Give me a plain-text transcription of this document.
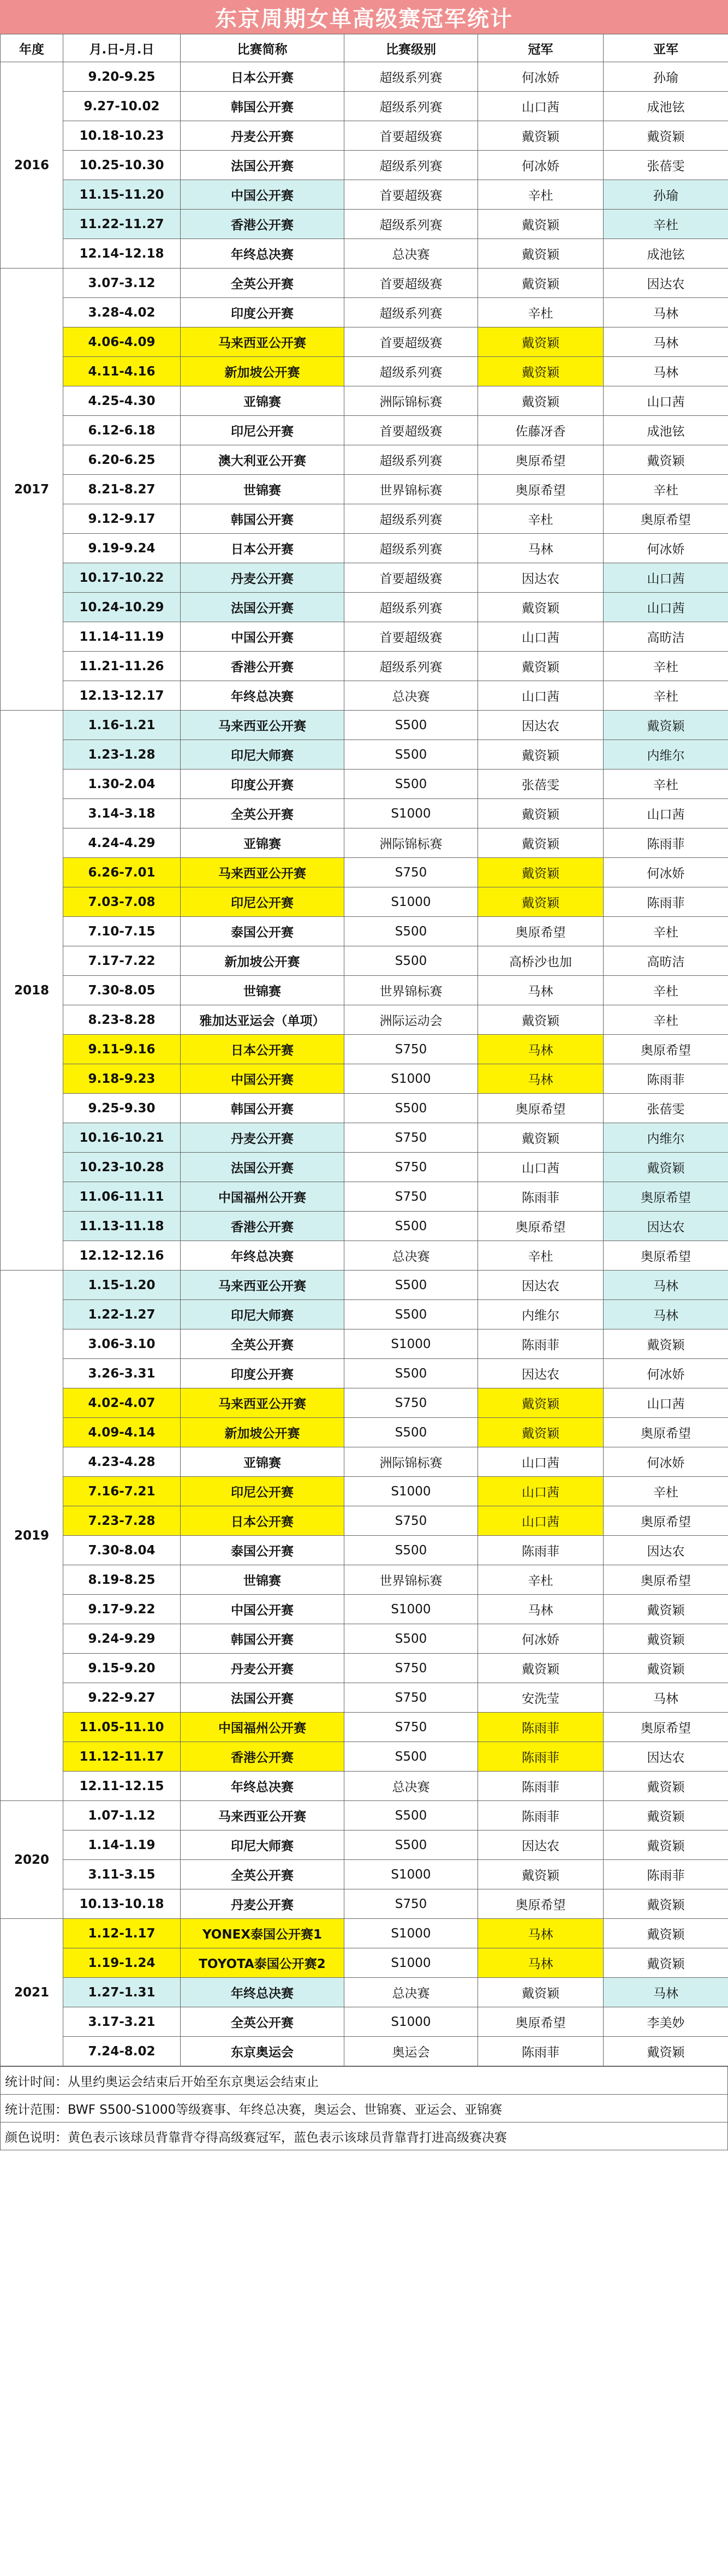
东京周期女单高级赛冠军统计
年度	月.日-月.日	比赛简称	比赛级别	冠军	亚军
2016	9.20-9.25	日本公开赛	超级系列赛	何冰娇	孙瑜
	9.27-10.02	韩国公开赛	超级系列赛	山口茜	成池铉
	10.18-10.23	丹麦公开赛	首要超级赛	戴资颖	戴资颖
	10.25-10.30	法国公开赛	超级系列赛	何冰娇	张蓓雯
	11.15-11.20	中国公开赛	首要超级赛	辛杜	孙瑜
	11.22-11.27	香港公开赛	超级系列赛	戴资颖	辛杜
	12.14-12.18	年终总决赛	总决赛	戴资颖	成池铉
2017	3.07-3.12	全英公开赛	首要超级赛	戴资颖	因达农
	3.28-4.02	印度公开赛	超级系列赛	辛杜	马林
	4.06-4.09	马来西亚公开赛	首要超级赛	戴资颖	马林
	4.11-4.16	新加坡公开赛	超级系列赛	戴资颖	马林
	4.25-4.30	亚锦赛	洲际锦标赛	戴资颖	山口茜
	6.12-6.18	印尼公开赛	首要超级赛	佐藤冴香	成池铉
	6.20-6.25	澳大利亚公开赛	超级系列赛	奥原希望	戴资颖
	8.21-8.27	世锦赛	世界锦标赛	奥原希望	辛杜
	9.12-9.17	韩国公开赛	超级系列赛	辛杜	奥原希望
	9.19-9.24	日本公开赛	超级系列赛	马林	何冰娇
	10.17-10.22	丹麦公开赛	首要超级赛	因达农	山口茜
	10.24-10.29	法国公开赛	超级系列赛	戴资颖	山口茜
	11.14-11.19	中国公开赛	首要超级赛	山口茜	高昉洁
	11.21-11.26	香港公开赛	超级系列赛	戴资颖	辛杜
	12.13-12.17	年终总决赛	总决赛	山口茜	辛杜
2018	1.16-1.21	马来西亚公开赛	S500	因达农	戴资颖
	1.23-1.28	印尼大师赛	S500	戴资颖	内维尔
	1.30-2.04	印度公开赛	S500	张蓓雯	辛杜
	3.14-3.18	全英公开赛	S1000	戴资颖	山口茜
	4.24-4.29	亚锦赛	洲际锦标赛	戴资颖	陈雨菲
	6.26-7.01	马来西亚公开赛	S750	戴资颖	何冰娇
	7.03-7.08	印尼公开赛	S1000	戴资颖	陈雨菲
	7.10-7.15	泰国公开赛	S500	奥原希望	辛杜
	7.17-7.22	新加坡公开赛	S500	高桥沙也加	高昉洁
	7.30-8.05	世锦赛	世界锦标赛	马林	辛杜
	8.23-8.28	雅加达亚运会（单项）	洲际运动会	戴资颖	辛杜
	9.11-9.16	日本公开赛	S750	马林	奥原希望
	9.18-9.23	中国公开赛	S1000	马林	陈雨菲
	9.25-9.30	韩国公开赛	S500	奥原希望	张蓓雯
	10.16-10.21	丹麦公开赛	S750	戴资颖	内维尔
	10.23-10.28	法国公开赛	S750	山口茜	戴资颖
	11.06-11.11	中国福州公开赛	S750	陈雨菲	奥原希望
	11.13-11.18	香港公开赛	S500	奥原希望	因达农
	12.12-12.16	年终总决赛	总决赛	辛杜	奥原希望
2019	1.15-1.20	马来西亚公开赛	S500	因达农	马林
	1.22-1.27	印尼大师赛	S500	内维尔	马林
	3.06-3.10	全英公开赛	S1000	陈雨菲	戴资颖
	3.26-3.31	印度公开赛	S500	因达农	何冰娇
	4.02-4.07	马来西亚公开赛	S750	戴资颖	山口茜
	4.09-4.14	新加坡公开赛	S500	戴资颖	奥原希望
	4.23-4.28	亚锦赛	洲际锦标赛	山口茜	何冰娇
	7.16-7.21	印尼公开赛	S1000	山口茜	辛杜
	7.23-7.28	日本公开赛	S750	山口茜	奥原希望
	7.30-8.04	泰国公开赛	S500	陈雨菲	因达农
	8.19-8.25	世锦赛	世界锦标赛	辛杜	奥原希望
	9.17-9.22	中国公开赛	S1000	马林	戴资颖
	9.24-9.29	韩国公开赛	S500	何冰娇	戴资颖
	9.15-9.20	丹麦公开赛	S750	戴资颖	戴资颖
	9.22-9.27	法国公开赛	S750	安洗莹	马林
	11.05-11.10	中国福州公开赛	S750	陈雨菲	奥原希望
	11.12-11.17	香港公开赛	S500	陈雨菲	因达农
	12.11-12.15	年终总决赛	总决赛	陈雨菲	戴资颖
2020	1.07-1.12	马来西亚公开赛	S500	陈雨菲	戴资颖
	1.14-1.19	印尼大师赛	S500	因达农	戴资颖
	3.11-3.15	全英公开赛	S1000	戴资颖	陈雨菲
	10.13-10.18	丹麦公开赛	S750	奥原希望	戴资颖
2021	1.12-1.17	YONEX泰国公开赛1	S1000	马林	戴资颖
	1.19-1.24	TOYOTA泰国公开赛2	S1000	马林	戴资颖
	1.27-1.31	年终总决赛	总决赛	戴资颖	马林
	3.17-3.21	全英公开赛	S1000	奥原希望	李美妙
	7.24-8.02	东京奥运会	奥运会	陈雨菲	戴资颖
统计时间：从里约奥运会结束后开始至东京奥运会结束止
统计范围：BWF S500-S1000等级赛事、年终总决赛，奥运会、世锦赛、亚运会、亚锦赛
颜色说明：黄色表示该球员背靠背夺得高级赛冠军，蓝色表示该球员背靠背打进高级赛决赛
